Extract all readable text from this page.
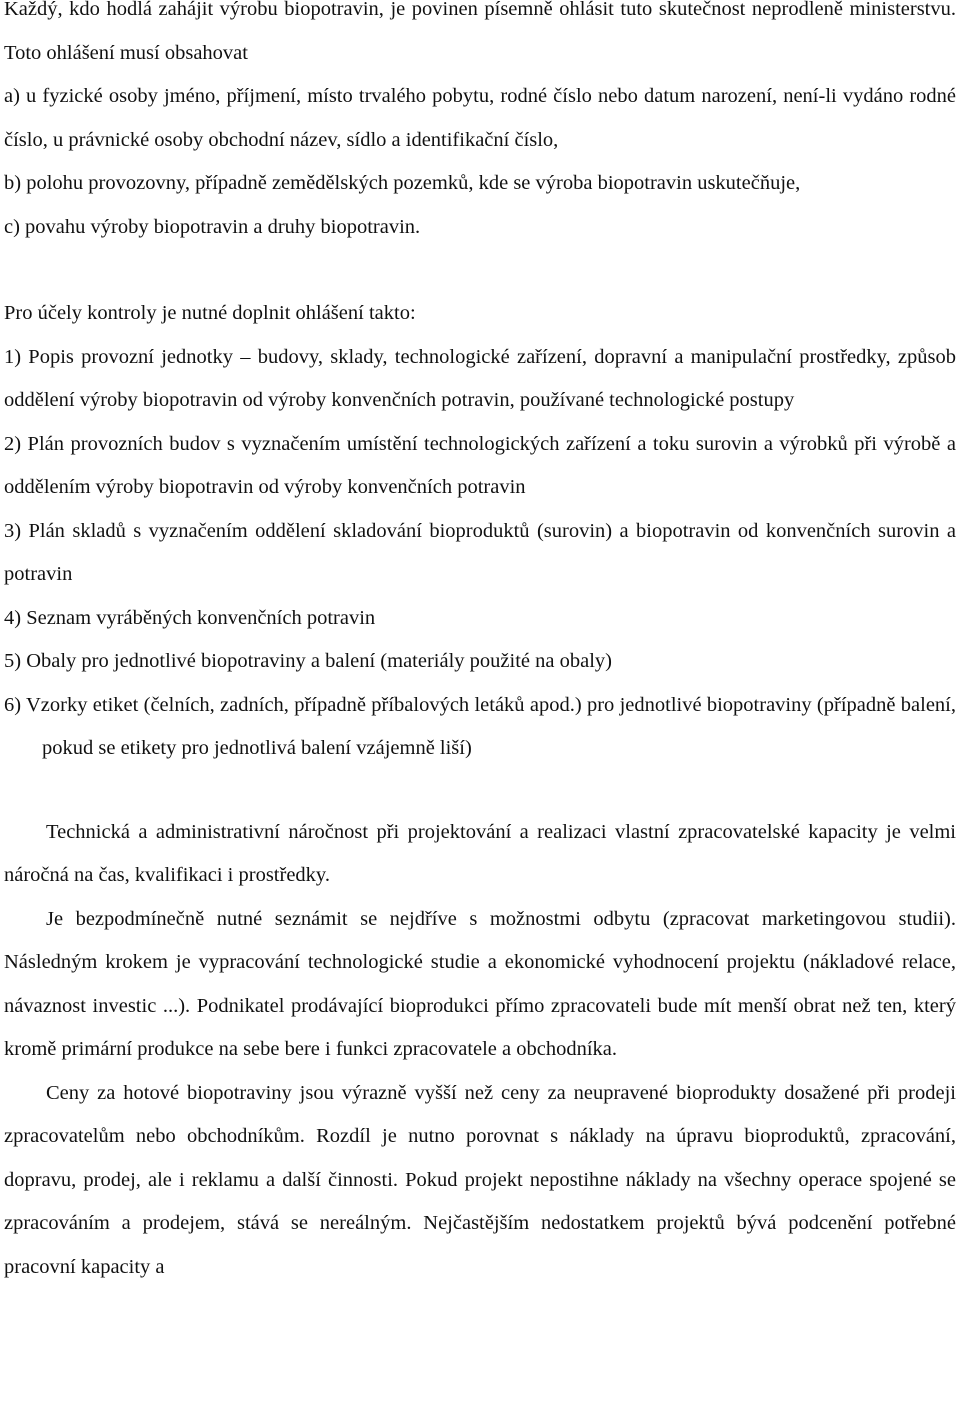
Každý, kdo hodlá zahájit výrobu biopotravin, je povinen písemně ohlásit tuto skutečnost neprodleně ministerstvu. Toto ohlášení musí obsahovat

a) u fyzické osoby jméno, příjmení, místo trvalého pobytu, rodné číslo nebo datum narození, není-li vydáno rodné číslo, u právnické osoby obchodní název, sídlo a identifikační číslo,

b) polohu provozovny, případně zemědělských pozemků, kde se výroba biopotravin uskutečňuje,

c) povahu výroby biopotravin a druhy biopotravin.

Pro účely kontroly je nutné doplnit ohlášení takto:

1) Popis provozní jednotky – budovy, sklady, technologické zařízení, dopravní a manipulační prostředky, způsob oddělení výroby biopotravin od výroby konvenčních potravin, používané technologické postupy

2) Plán provozních budov s vyznačením umístění technologických zařízení a toku surovin a výrobků při výrobě a oddělením výroby biopotravin od výroby konvenčních potravin

3) Plán skladů s vyznačením oddělení skladování bioproduktů (surovin) a biopotravin od konvenčních surovin a potravin

4) Seznam vyráběných konvenčních potravin

5) Obaly pro jednotlivé biopotraviny a balení (materiály použité na obaly)

6) Vzorky etiket (čelních, zadních, případně příbalových letáků apod.) pro jednotlivé biopotraviny (případně balení, pokud se etikety pro jednotlivá balení vzájemně liší)

Technická a administrativní náročnost při projektování a realizaci vlastní zpracovatelské kapacity je velmi náročná na čas, kvalifikaci i prostředky.

Je bezpodmínečně nutné seznámit se nejdříve s možnostmi odbytu (zpracovat marketingovou studii). Následným krokem je vypracování technologické studie a ekonomické vyhodnocení projektu (nákladové relace, návaznost investic ...). Podnikatel prodávající bioprodukci přímo zpracovateli bude mít menší obrat než ten, který kromě primární produkce na sebe bere i funkci zpracovatele a obchodníka.

Ceny za hotové biopotraviny jsou výrazně vyšší než ceny za neupravené bioprodukty dosažené při prodeji zpracovatelům nebo obchodníkům. Rozdíl je nutno porovnat s náklady na úpravu bioproduktů, zpracování, dopravu, prodej, ale i reklamu a další činnosti. Pokud projekt nepostihne náklady na všechny operace spojené se zpracováním a prodejem, stává se nereálným. Nejčastějším nedostatkem projektů bývá podcenění potřebné pracovní kapacity a
